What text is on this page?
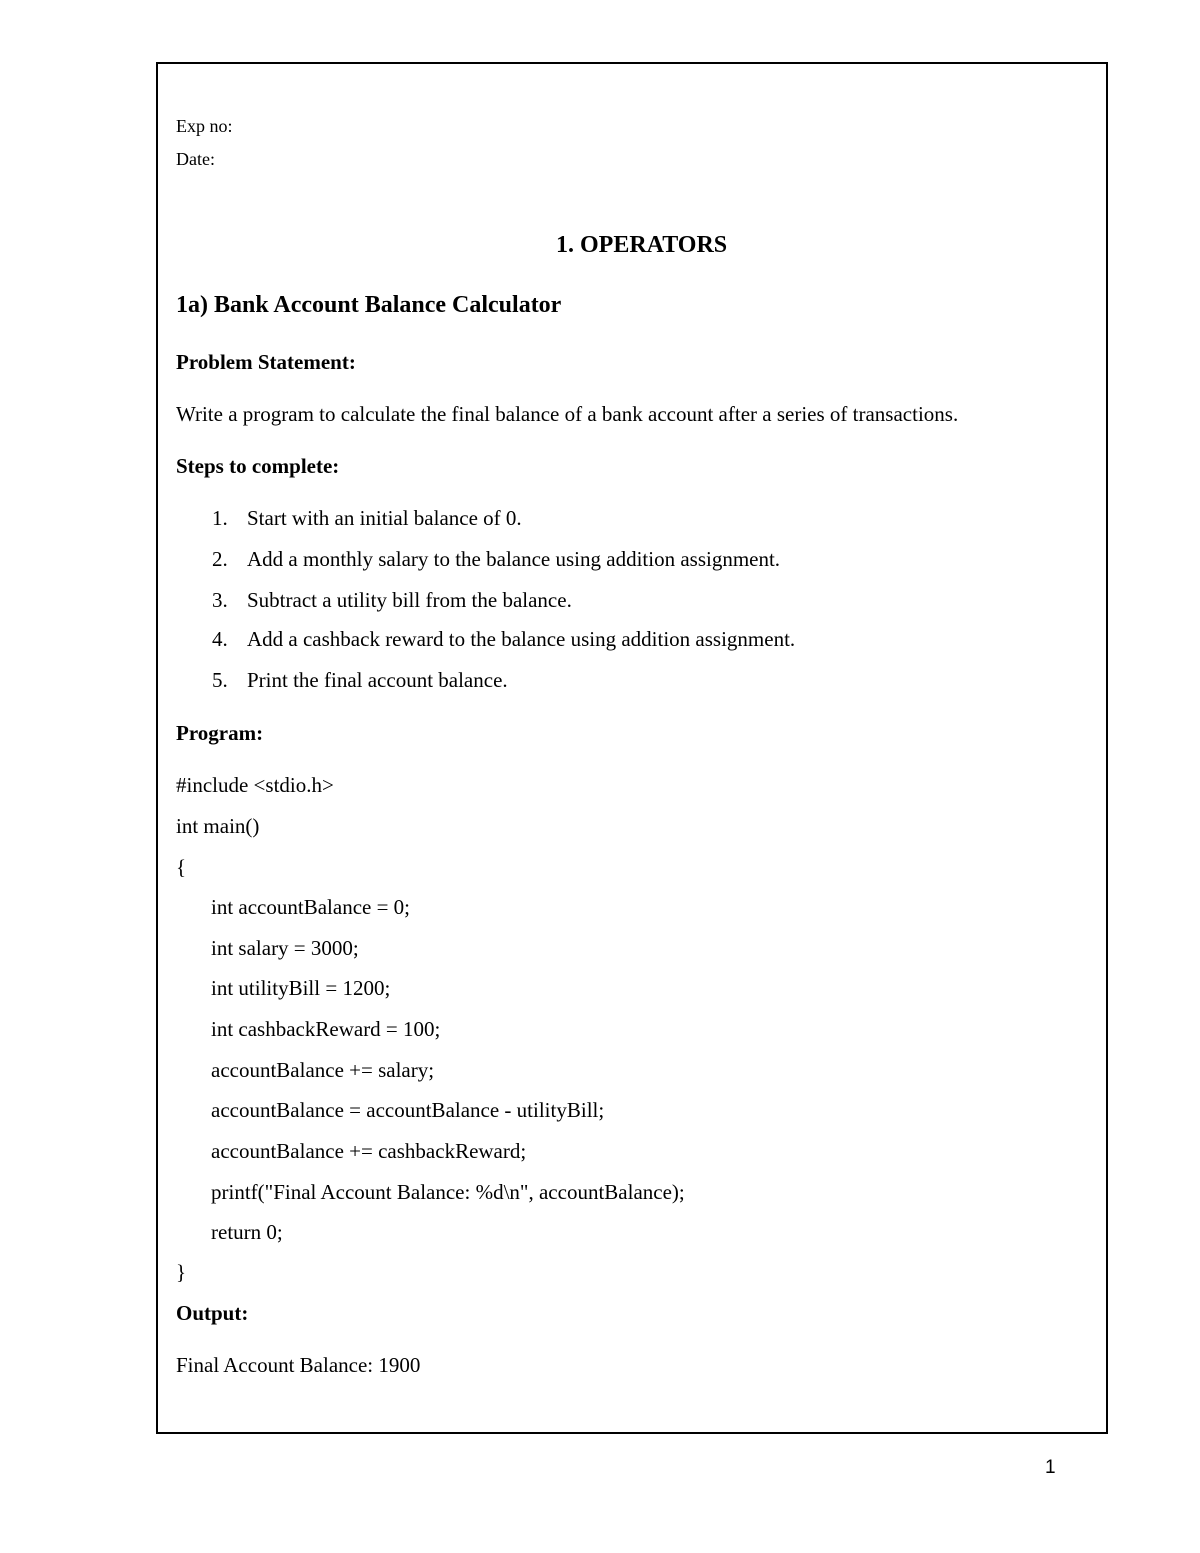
Exp no:
Date:
1. OPERATORS
1a) Bank Account Balance Calculator
Problem Statement:
Write a program to calculate the final balance of a bank account after a series of transactions.
Steps to complete:
1. Start with an initial balance of 0.
2. Add a monthly salary to the balance using addition assignment.
3. Subtract a utility bill from the balance.
4. Add a cashback reward to the balance using addition assignment.
5. Print the final account balance.
Program:
#include <stdio.h>
int main()
{
int accountBalance = 0;
int salary = 3000;
int utilityBill = 1200;
int cashbackReward = 100;
accountBalance += salary;
accountBalance = accountBalance - utilityBill;
accountBalance += cashbackReward;
printf("Final Account Balance: %d\n", accountBalance);
return 0;
}
Output:
Final Account Balance: 1900
1
